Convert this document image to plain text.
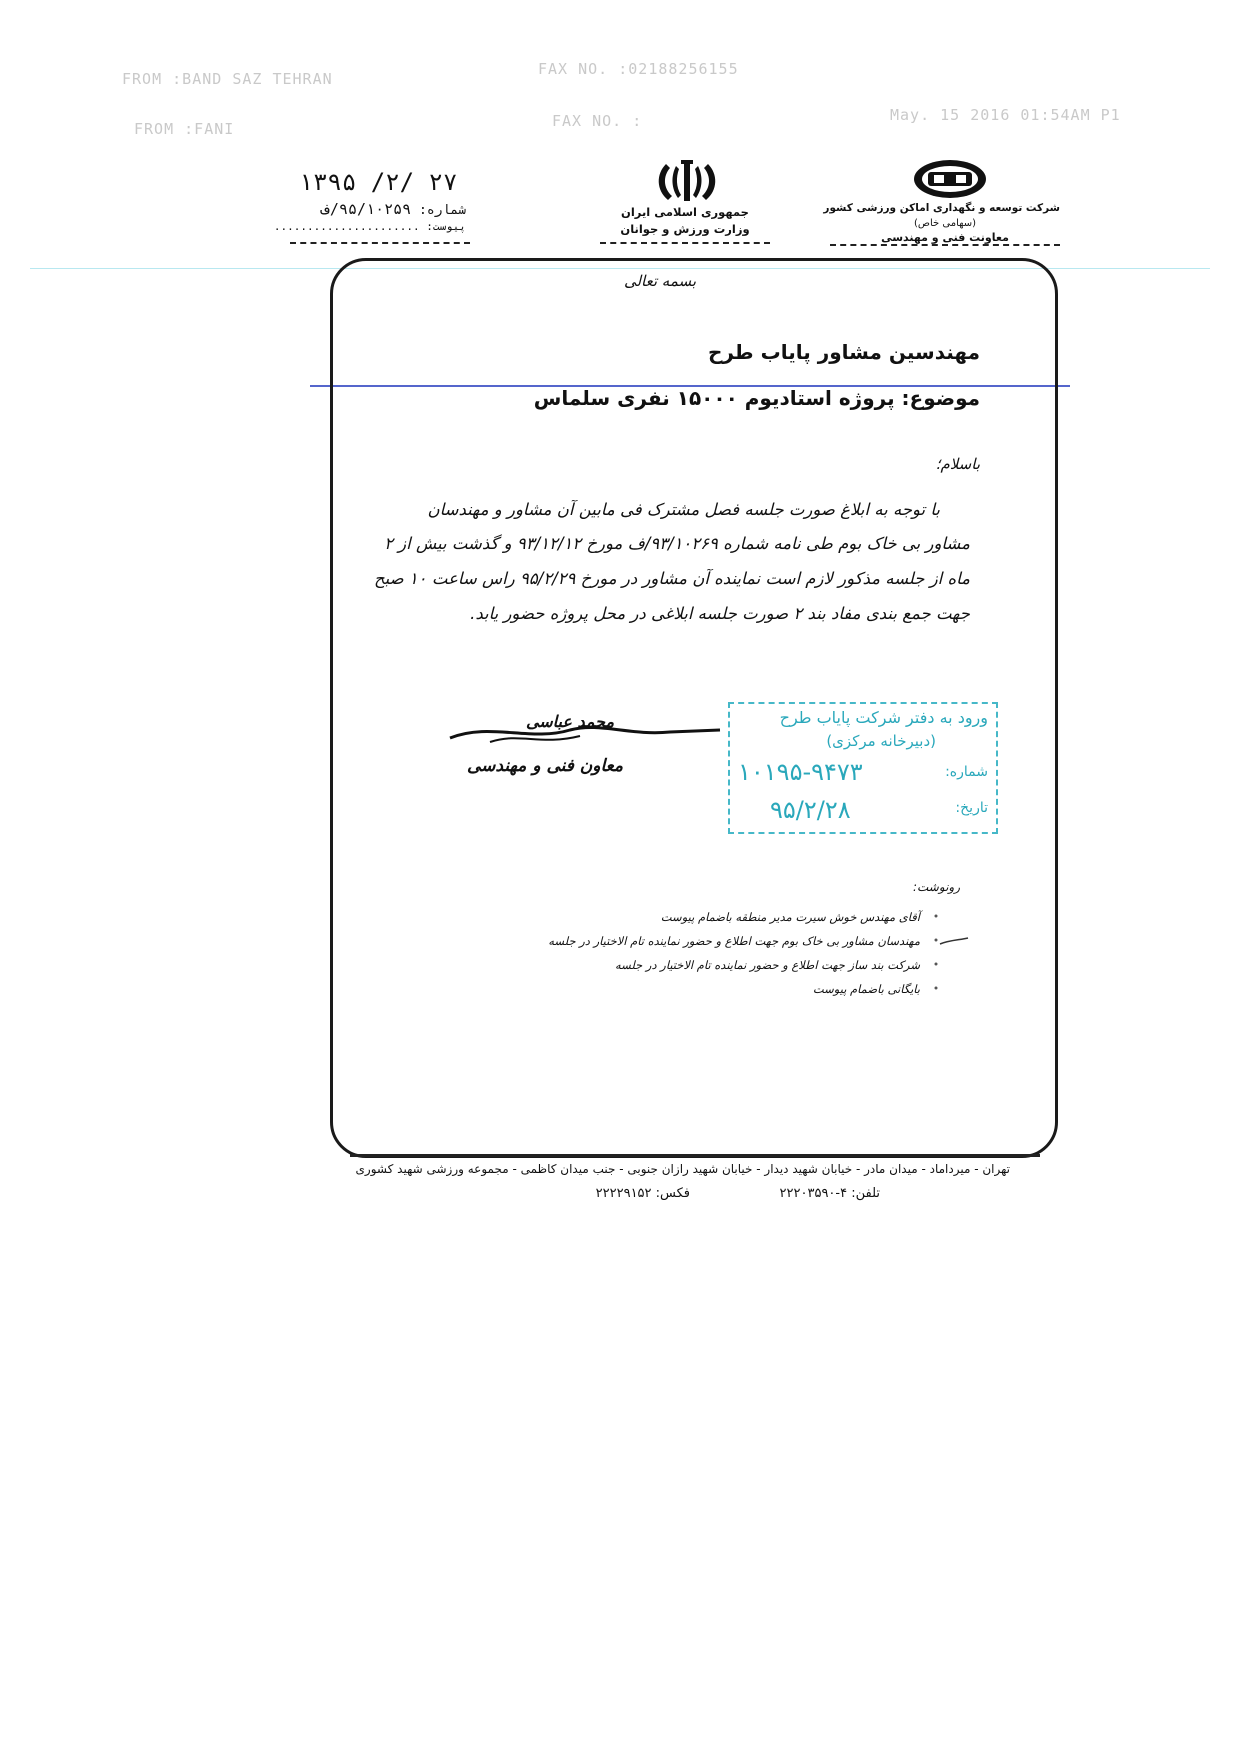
FROM :BAND SAZ TEHRAN
FAX NO. :02188256155
FROM :FANI	FAX NO. :	May. 15 2016 01:54AM P1
۱۳۹۵ /۲/ ۲۷
شماره: ۹۵/۱۰۲۵۹/ف
پیوست: ......................
جمهوری اسلامی ایران
وزارت ورزش و جوانان
شرکت توسعه و نگهداری اماکن ورزشی کشور
(سهامی خاص)
معاونت فنی و مهندسی
بسمه تعالی
مهندسین مشاور پایاب طرح
موضوع: پروژه استادیوم ۱۵۰۰۰ نفری سلماس
باسلام؛
با توجه به ابلاغ صورت جلسه فصل مشترک فی مابین آن مشاور و مهندسان
مشاور بی خاک بوم طی نامه شماره ۹۳/۱۰۲۶۹/ف مورخ ۹۳/۱۲/۱۲ و گذشت بیش از ۲
ماه از جلسه مذکور لازم است نماینده آن مشاور در مورخ ۹۵/۲/۲۹ راس ساعت ۱۰ صبح
جهت جمع بندی مفاد بند ۲ صورت جلسه ابلاغی در محل پروژه حضور یابد.
محمد عباسی
معاون فنی و مهندسی
ورود به دفتر شرکت پایاب طرح
(دبیرخانه مرکزی)
شماره:
۱۰۱۹۵-۹۴۷۳
تاریخ:
۹۵/۲/۲۸
رونوشت:
آقای مهندس خوش سیرت مدیر منطقه باضمام پیوست
مهندسان مشاور بی خاک بوم جهت اطلاع و حضور نماینده تام الاختیار در جلسه
شرکت بند ساز جهت اطلاع و حضور نماینده تام الاختیار در جلسه
بایگانی باضمام پیوست
تهران - میرداماد - میدان مادر - خیابان شهید دیدار - خیابان شهید رازان جنوبی - جنب میدان کاظمی - مجموعه ورزشی شهید کشوری
تلفن: ۴-۲۲۲۰۳۵۹۰
فکس: ۲۲۲۲۹۱۵۲
